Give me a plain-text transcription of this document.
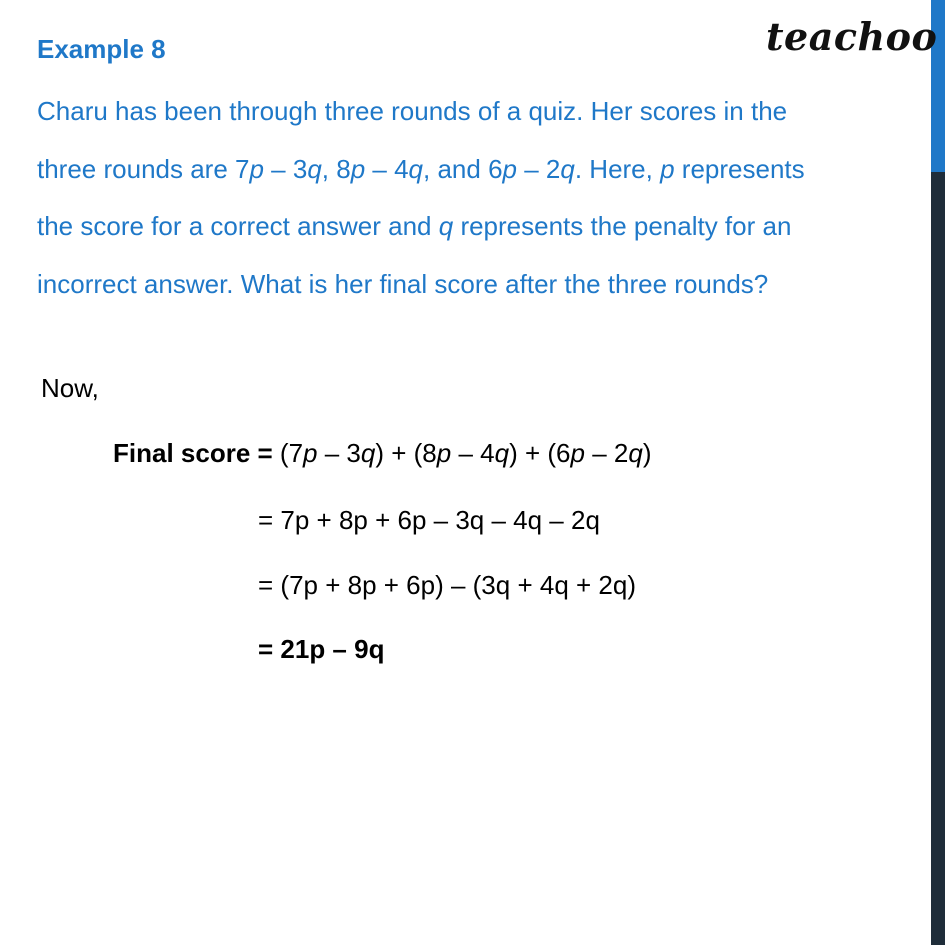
teachoo
Example 8
Charu has been through three rounds of a quiz. Her scores in the
three rounds are 7p – 3q, 8p – 4q, and 6p – 2q. Here, p represents
the score for a correct answer and q represents the penalty for an
incorrect answer. What is her final score after the three rounds?
Now,
Final score = (7p – 3q) + (8p – 4q) + (6p – 2q)
= 7p + 8p + 6p – 3q – 4q – 2q
= (7p + 8p + 6p) – (3q + 4q + 2q)
= 21p – 9q
